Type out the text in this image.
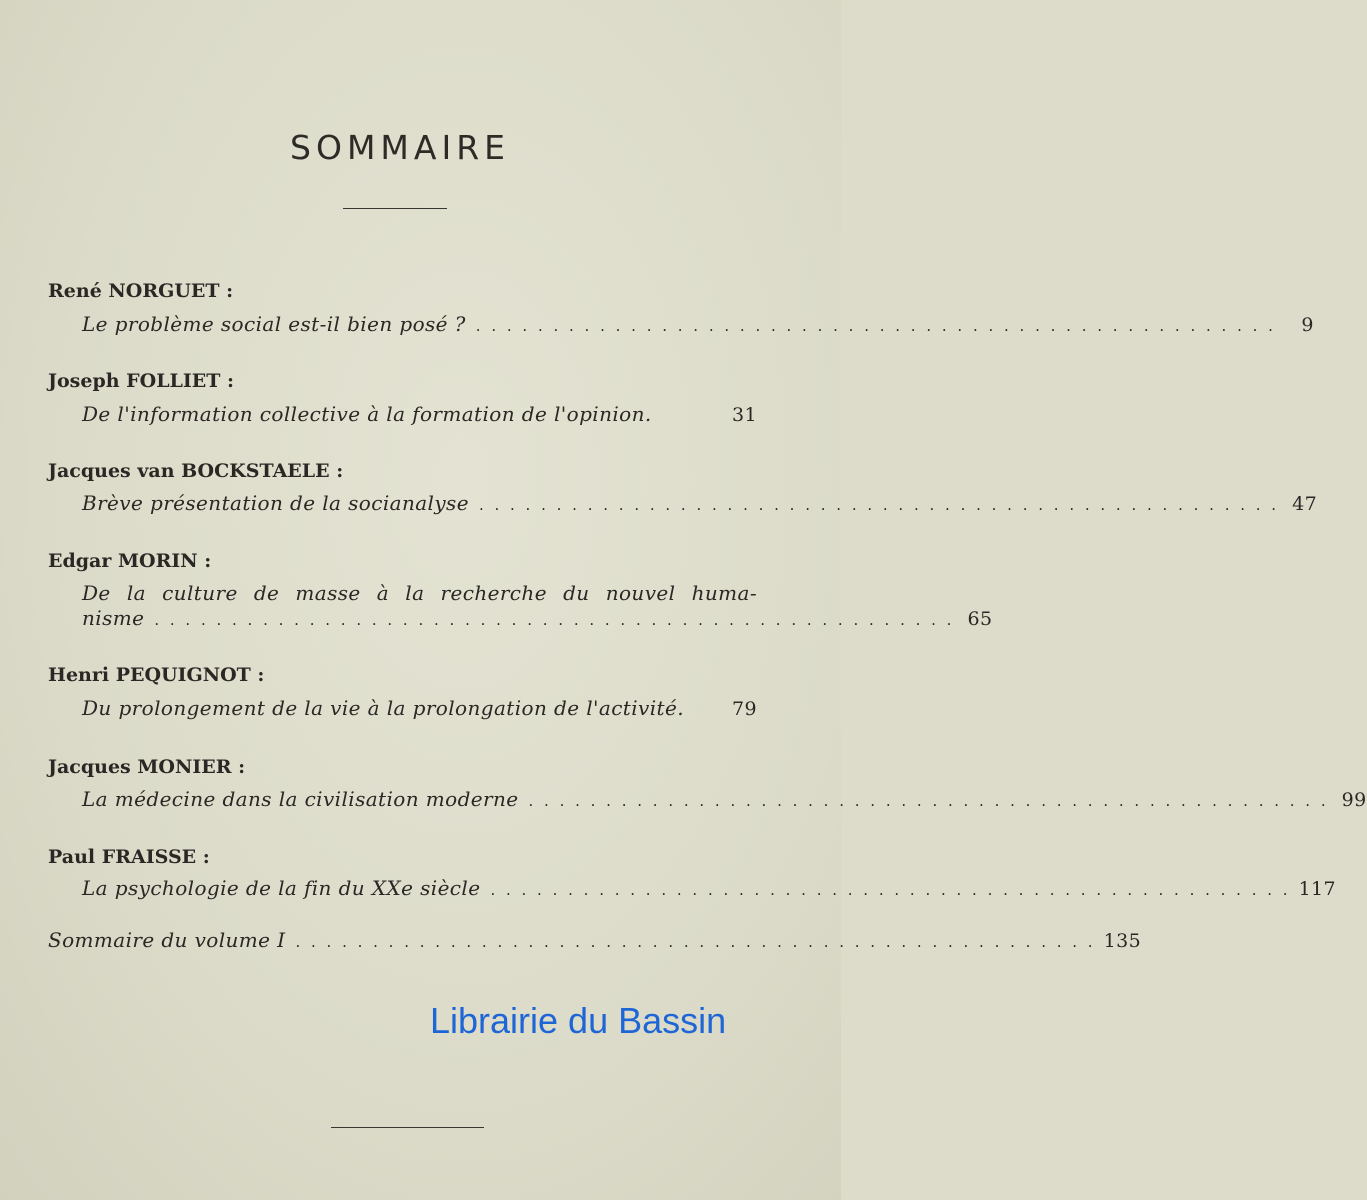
SOMMAIRE
René NORGUET :
Le problème social est-il bien posé ? . . . . . . . . . . . . . . . . . . . . . . . . . . . . . . . . . . . . . . . . . . . . . . . . . . . .	9
Joseph FOLLIET :
De l'information collective à la formation de l'opinion.	31
Jacques van BOCKSTAELE :
Brève présentation de la socianalyse . . . . . . . . . . . . . . . . . . . . . . . . . . . . . . . . . . . . . . . . . . . . . . . . . . . . 47
Edgar MORIN :
De la culture de masse à la recherche du nouvel huma-
nisme . . . . . . . . . . . . . . . . . . . . . . . . . . . . . . . . . . . . . . . . . . . . . . . . . . . . 65
Henri PEQUIGNOT :
Du prolongement de la vie à la prolongation de l'activité.	79
Jacques MONIER :
La médecine dans la civilisation moderne . . . . . . . . . . . . . . . . . . . . . . . . . . . . . . . . . . . . . . . . . . . . . . . . . . . . 99
Paul FRAISSE :
La psychologie de la fin du XXe siècle . . . . . . . . . . . . . . . . . . . . . . . . . . . . . . . . . . . . . . . . . . . . . . . . . . . . 117
Sommaire du volume I . . . . . . . . . . . . . . . . . . . . . . . . . . . . . . . . . . . . . . . . . . . . . . . . . . . . 135
Librairie du Bassin
